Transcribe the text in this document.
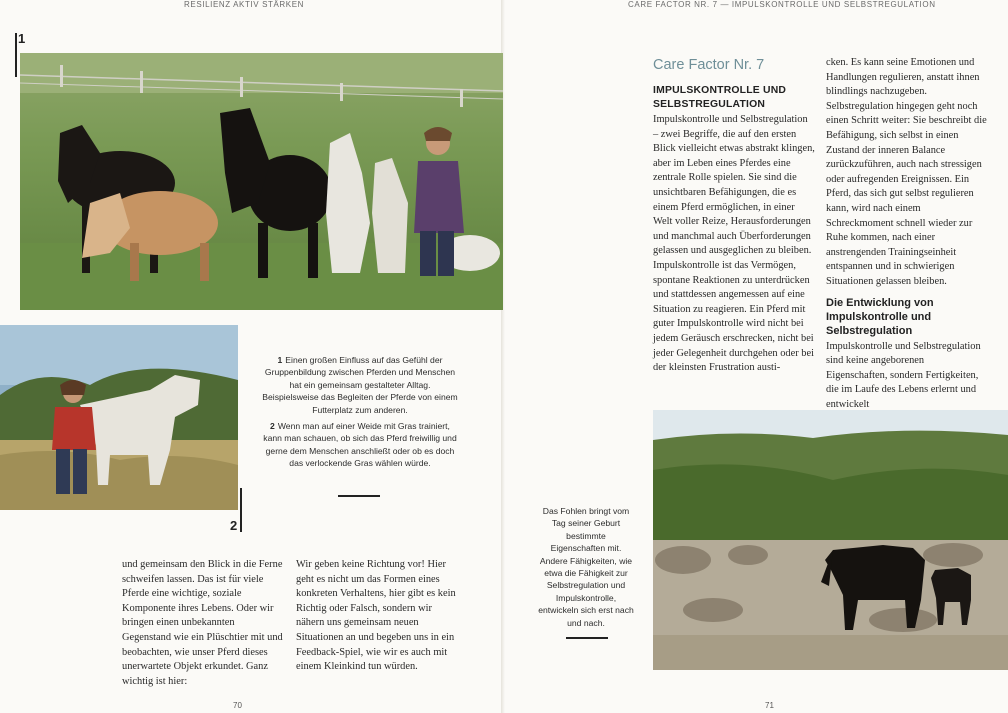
RESILIENZ AKTIV STÄRKEN	CARE FACTOR NR. 7 — IMPULSKONTROLLE UND SELBSTREGULATION
1
2

1 Einen großen Einfluss auf das Gefühl der Gruppenbildung zwischen Pferden und Menschen hat ein gemeinsam gestalteter Alltag. Beispielsweise das Begleiten der Pferde von einem Futterplatz zum anderen.

2 Wenn man auf einer Weide mit Gras trainiert, kann man schauen, ob sich das Pferd freiwillig und gerne dem Menschen anschließt oder ob es doch das verlockende Gras wählen würde.

und gemeinsam den Blick in die Ferne schweifen lassen. Das ist für viele Pferde eine wichtige, soziale Komponente ihres Lebens. Oder wir bringen einen unbekannten Gegenstand wie ein Plüschtier mit und beobachten, wie unser Pferd dieses unerwartete Objekt erkundet. Ganz wichtig ist hier:

Wir geben keine Richtung vor! Hier geht es nicht um das Formen eines konkreten Verhaltens, hier gibt es kein Richtig oder Falsch, sondern wir nähern uns gemeinsam neuen Situationen an und begeben uns in ein Feedback-Spiel, wie wir es auch mit einem Kleinkind tun würden.

70
Care Factor Nr. 7
IMPULSKONTROLLE UND SELBSTREGULATION

Impulskontrolle und Selbstregulation – zwei Begriffe, die auf den ersten Blick vielleicht etwas abstrakt klingen, aber im Leben eines Pferdes eine zentrale Rolle spielen. Sie sind die unsichtbaren Befähigungen, die es einem Pferd ermöglichen, in einer Welt voller Reize, Herausforderungen und manchmal auch Überforderungen gelassen und ausgeglichen zu bleiben. Impulskontrolle ist das Vermögen, spontane Reaktionen zu unterdrücken und stattdessen angemessen auf eine Situation zu reagieren. Ein Pferd mit guter Impulskontrolle wird nicht bei jedem Geräusch erschrecken, nicht bei jeder Gelegenheit durchgehen oder bei der kleinsten Frustration austi-

cken. Es kann seine Emotionen und Handlungen regulieren, anstatt ihnen blindlings nachzugeben. Selbstregulation hingegen geht noch einen Schritt weiter: Sie beschreibt die Befähigung, sich selbst in einen Zustand der inneren Balance zurückzuführen, auch nach stressigen oder aufregenden Ereignissen. Ein Pferd, das sich gut selbst regulieren kann, wird nach einem Schreckmoment schnell wieder zur Ruhe kommen, nach einer anstrengenden Trainingseinheit entspannen und in schwierigen Situationen gelassen bleiben.

Die Entwicklung von Impulskontrolle und Selbstregulation

Impulskontrolle und Selbstregulation sind keine angeborenen Eigenschaften, sondern Fertigkeiten, die im Laufe des Lebens erlernt und entwickelt

Das Fohlen bringt vom Tag seiner Geburt bestimmte Eigenschaften mit. Andere Fähigkeiten, wie etwa die Fähigkeit zur Selbstregulation und Impulskontrolle, entwickeln sich erst nach und nach.

71
